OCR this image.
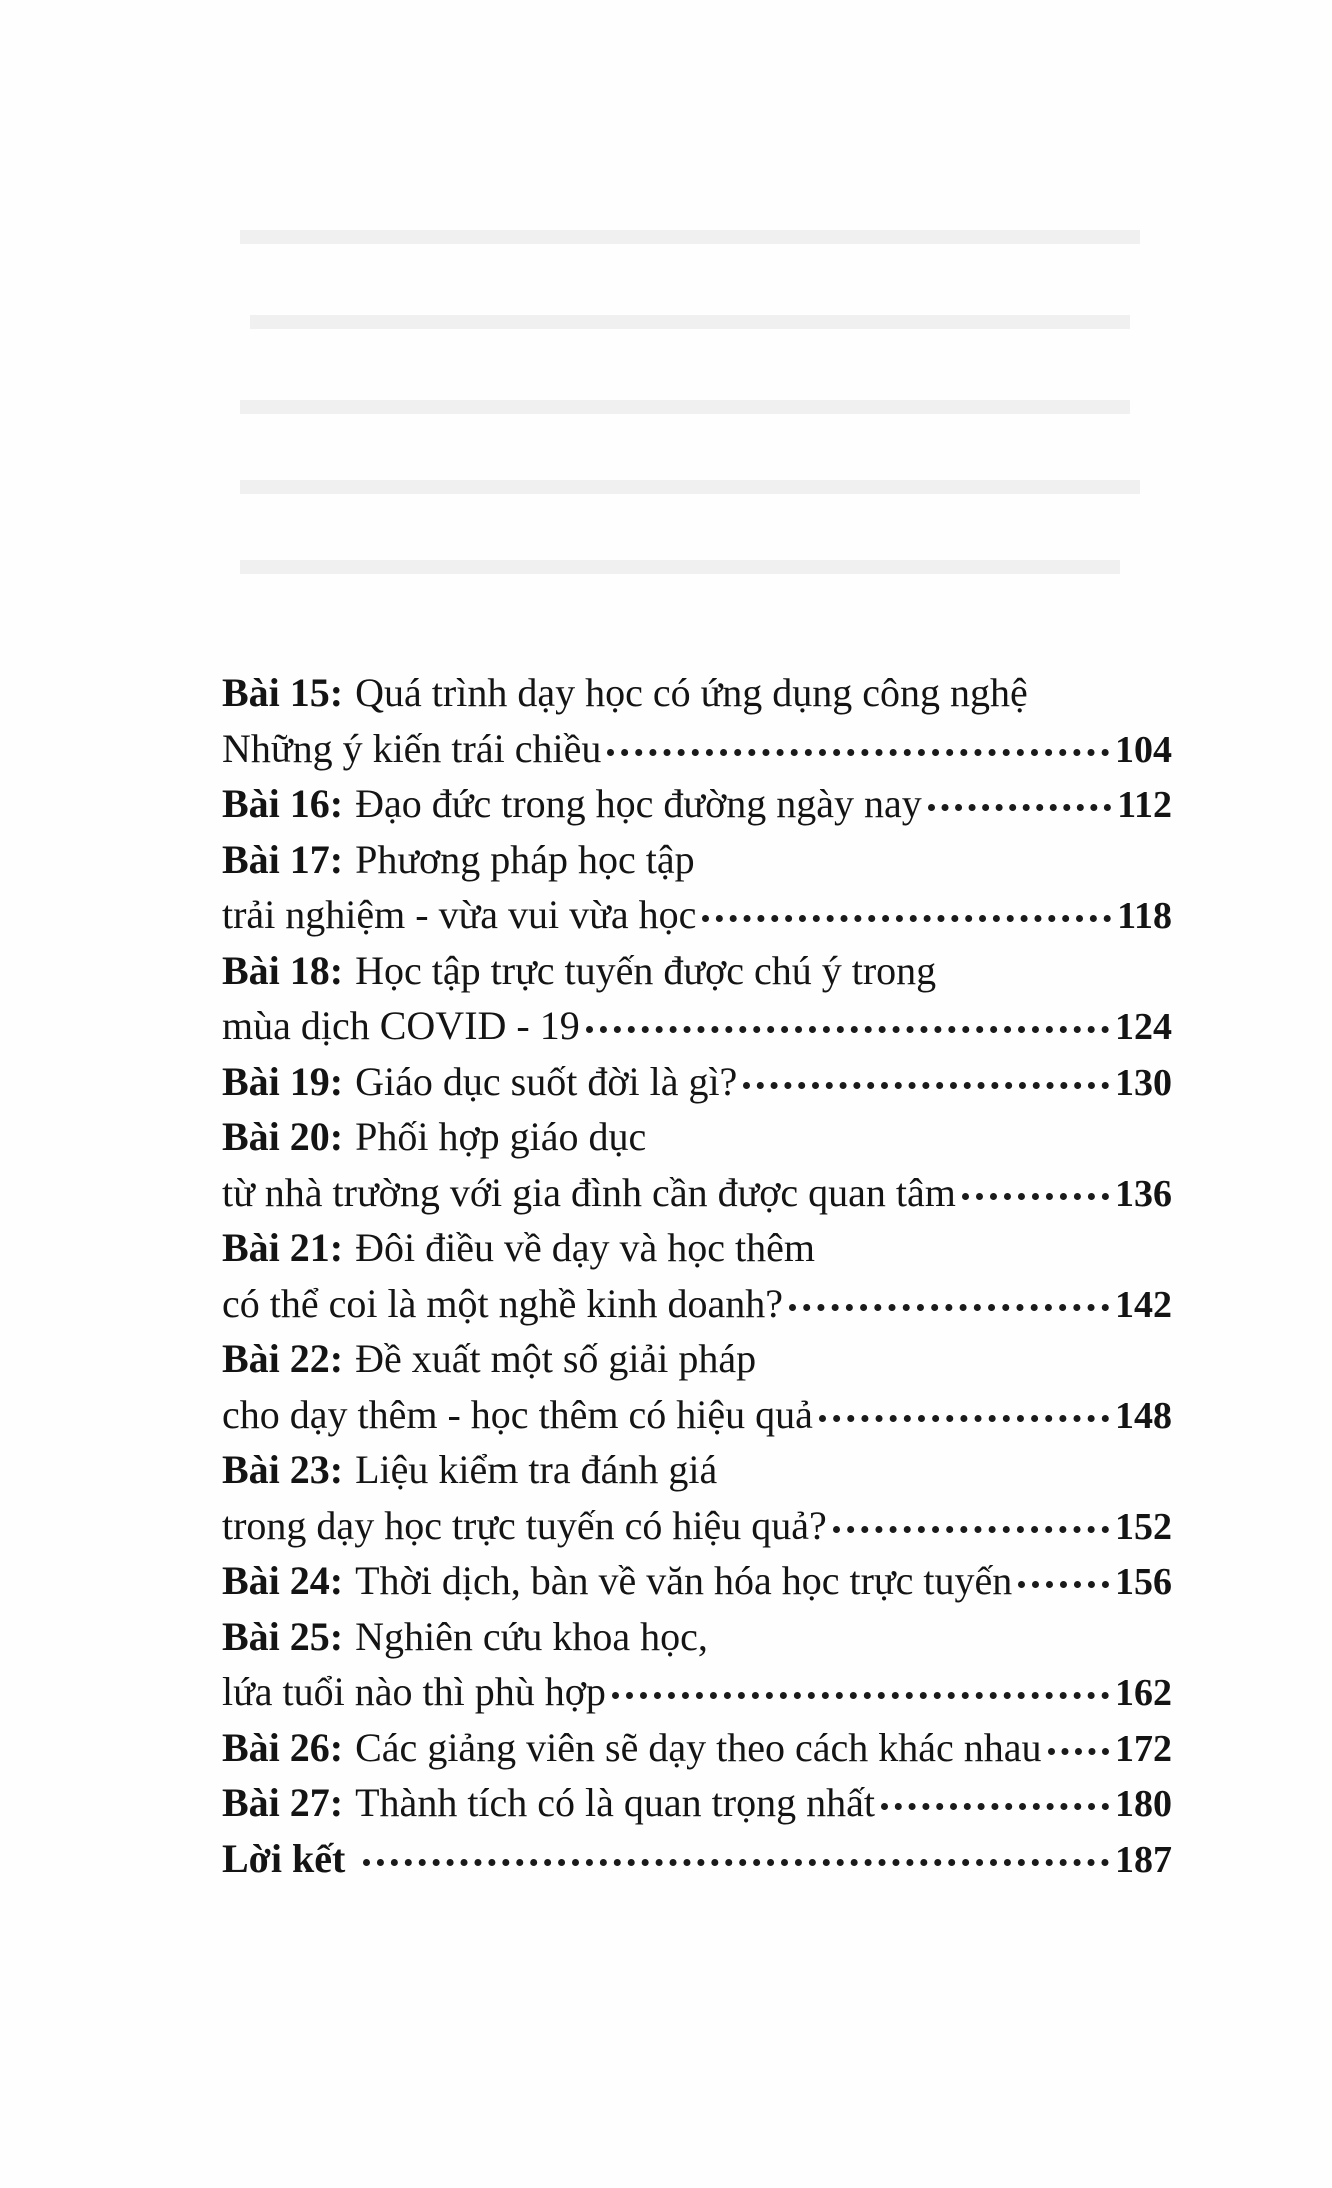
Bài 15: Quá trình dạy học có ứng dụng công nghệ
Những ý kiến trái chiều	104
Bài 16: Đạo đức trong học đường ngày nay	112
Bài 17: Phương pháp học tập
trải nghiệm - vừa vui vừa học	118
Bài 18: Học tập trực tuyến được chú ý trong
mùa dịch COVID - 19	124
Bài 19: Giáo dục suốt đời là gì?	130
Bài 20: Phối hợp giáo dục
từ nhà trường với gia đình cần được quan tâm	136
Bài 21: Đôi điều về dạy và học thêm
có thể coi là một nghề kinh doanh?	142
Bài 22: Đề xuất một số giải pháp
cho dạy thêm - học thêm có hiệu quả	148
Bài 23: Liệu kiểm tra đánh giá
trong dạy học trực tuyến có hiệu quả?	152
Bài 24: Thời dịch, bàn về văn hóa học trực tuyến	156
Bài 25: Nghiên cứu khoa học,
lứa tuổi nào thì phù hợp	162
Bài 26: Các giảng viên sẽ dạy theo cách khác nhau 172
Bài 27: Thành tích có là quan trọng nhất	180
Lời kết	187
